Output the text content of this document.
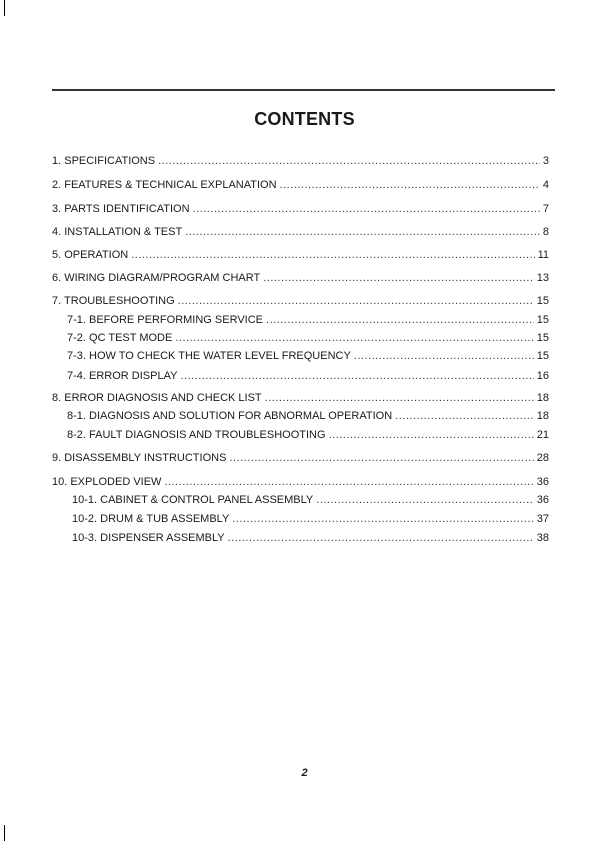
CONTENTS
1. SPECIFICATIONS .....	3
2. FEATURES & TECHNICAL EXPLANATION .....	4
3. PARTS IDENTIFICATION .....	7
4. INSTALLATION & TEST .....	8
5. OPERATION .....	11
6. WIRING DIAGRAM/PROGRAM CHART .....	13
7. TROUBLESHOOTING .....	15
7-1. BEFORE PERFORMING SERVICE .....	15
7-2. QC TEST MODE .....	15
7-3. HOW TO CHECK THE WATER LEVEL FREQUENCY .....	15
7-4. ERROR DISPLAY .....	16
8. ERROR DIAGNOSIS AND CHECK LIST .....	18
8-1. DIAGNOSIS AND SOLUTION FOR ABNORMAL OPERATION .....	18
8-2. FAULT DIAGNOSIS AND TROUBLESHOOTING .....	21
9. DISASSEMBLY INSTRUCTIONS .....	28
10. EXPLODED VIEW .....	36
10-1. CABINET & CONTROL PANEL ASSEMBLY .....	36
10-2. DRUM & TUB ASSEMBLY .....	37
10-3. DISPENSER ASSEMBLY .....	38
2
